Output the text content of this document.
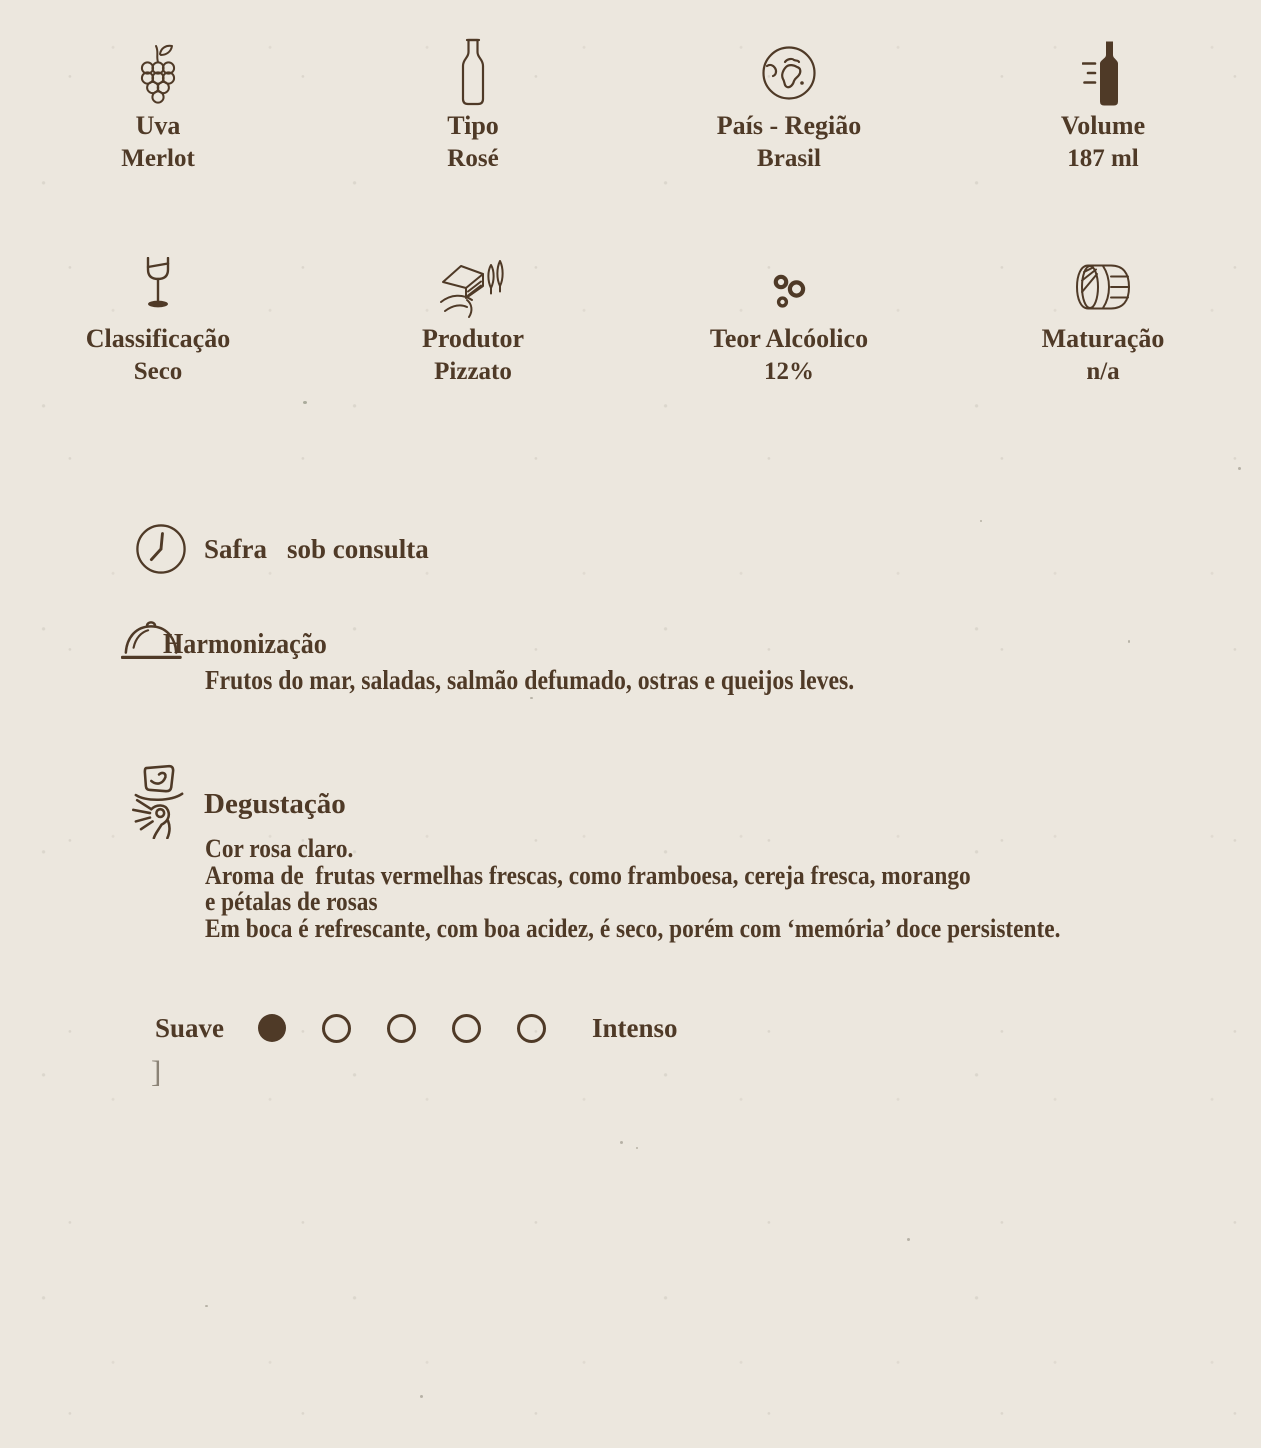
Uva
Merlot
Tipo
Rosé
País - Região
Brasil
Volume
187 ml
Classificação
Seco
Produtor
Pizzato
Teor Alcóolico
12%
Maturação
n/a
Safra sob consulta
Harmonização
Frutos do mar, saladas, salmão defumado, ostras e queijos leves.
Degustação
Cor rosa claro.
Aroma de  frutas vermelhas frescas, como framboesa, cereja fresca, morango
e pétalas de rosas
Em boca é refrescante, com boa acidez, é seco, porém com ‘memória’ doce persistente.
Suave	Intenso
]
